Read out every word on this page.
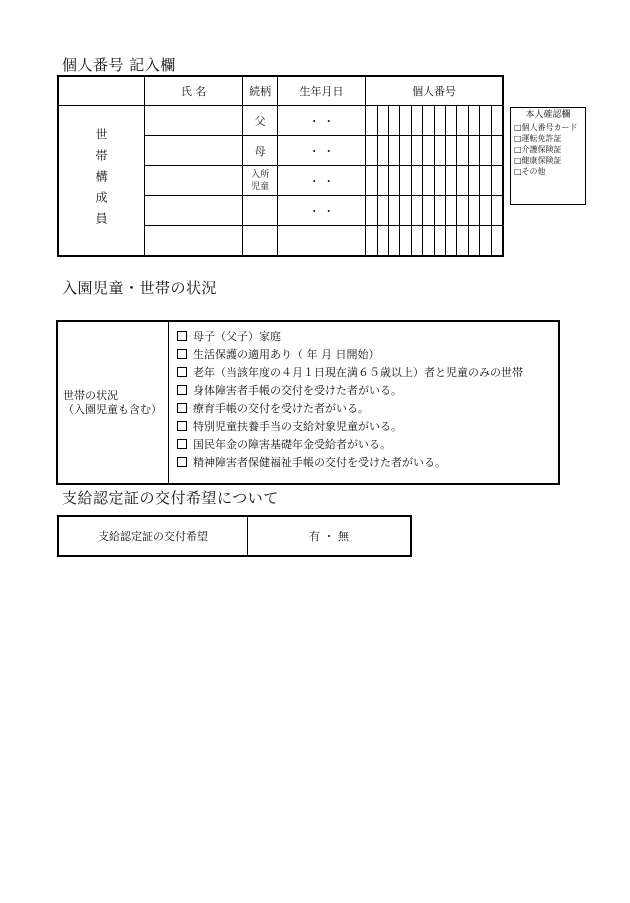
個人番号 記入欄
	氏 名	続柄	生年月日	個人番号

世帯構成員		父	・ ・	

		母	・ ・	

		入所
児童	・ ・	

			・ ・	

本人確認欄
□個人番号カード
□運転免許証
□介護保険証
□健康保険証
□その他
入園児童・世帯の状況
世帯の状況
（入園児童も含む）
母子（父子）家庭
生活保護の適用あり（ 年 月 日開始）
老年（当該年度の４月１日現在満６５歳以上）者と児童のみの世帯
身体障害者手帳の交付を受けた者がいる。
療育手帳の交付を受けた者がいる。
特別児童扶養手当の支給対象児童がいる。
国民年金の障害基礎年金受給者がいる。
精神障害者保健福祉手帳の交付を受けた者がいる。
支給認定証の交付希望について
支給認定証の交付希望	有 ・ 無
